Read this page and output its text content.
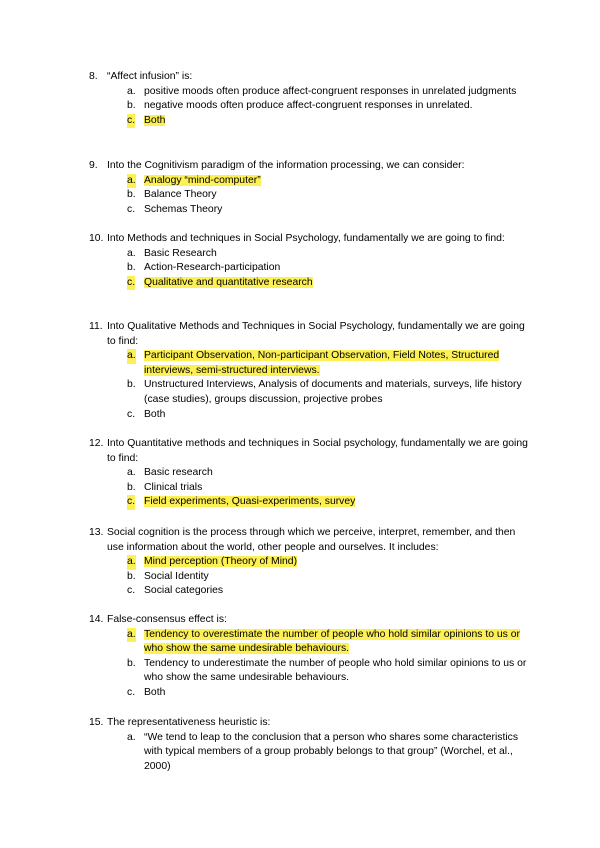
8. “Affect infusion” is:
a. positive moods often produce affect-congruent responses in unrelated judgments
b. negative moods often produce affect-congruent responses in unrelated.
c. Both
9. Into the Cognitivism paradigm of the information processing, we can consider:
a. Analogy “mind-computer”
b. Balance Theory
c. Schemas Theory
10. Into Methods and techniques in Social Psychology, fundamentally we are going to find:
a. Basic Research
b. Action-Research-participation
c. Qualitative and quantitative research
11. Into Qualitative Methods and Techniques in Social Psychology, fundamentally we are going to find:
a. Participant Observation, Non-participant Observation, Field Notes, Structured interviews, semi-structured interviews.
b. Unstructured Interviews, Analysis of documents and materials, surveys, life history (case studies), groups discussion, projective probes
c. Both
12. Into Quantitative methods and techniques in Social psychology, fundamentally we are going to find:
a. Basic research
b. Clinical trials
c. Field experiments, Quasi-experiments, survey
13. Social cognition is the process through which we perceive, interpret, remember, and then use information about the world, other people and ourselves. It includes:
a. Mind perception (Theory of Mind)
b. Social Identity
c. Social categories
14. False-consensus effect is:
a. Tendency to overestimate the number of people who hold similar opinions to us or who show the same undesirable behaviours.
b. Tendency to underestimate the number of people who hold similar opinions to us or who show the same undesirable behaviours.
c. Both
15. The representativeness heuristic is:
a. “We tend to leap to the conclusion that a person who shares some characteristics with typical members of a group probably belongs to that group” (Worchel, et al., 2000)
